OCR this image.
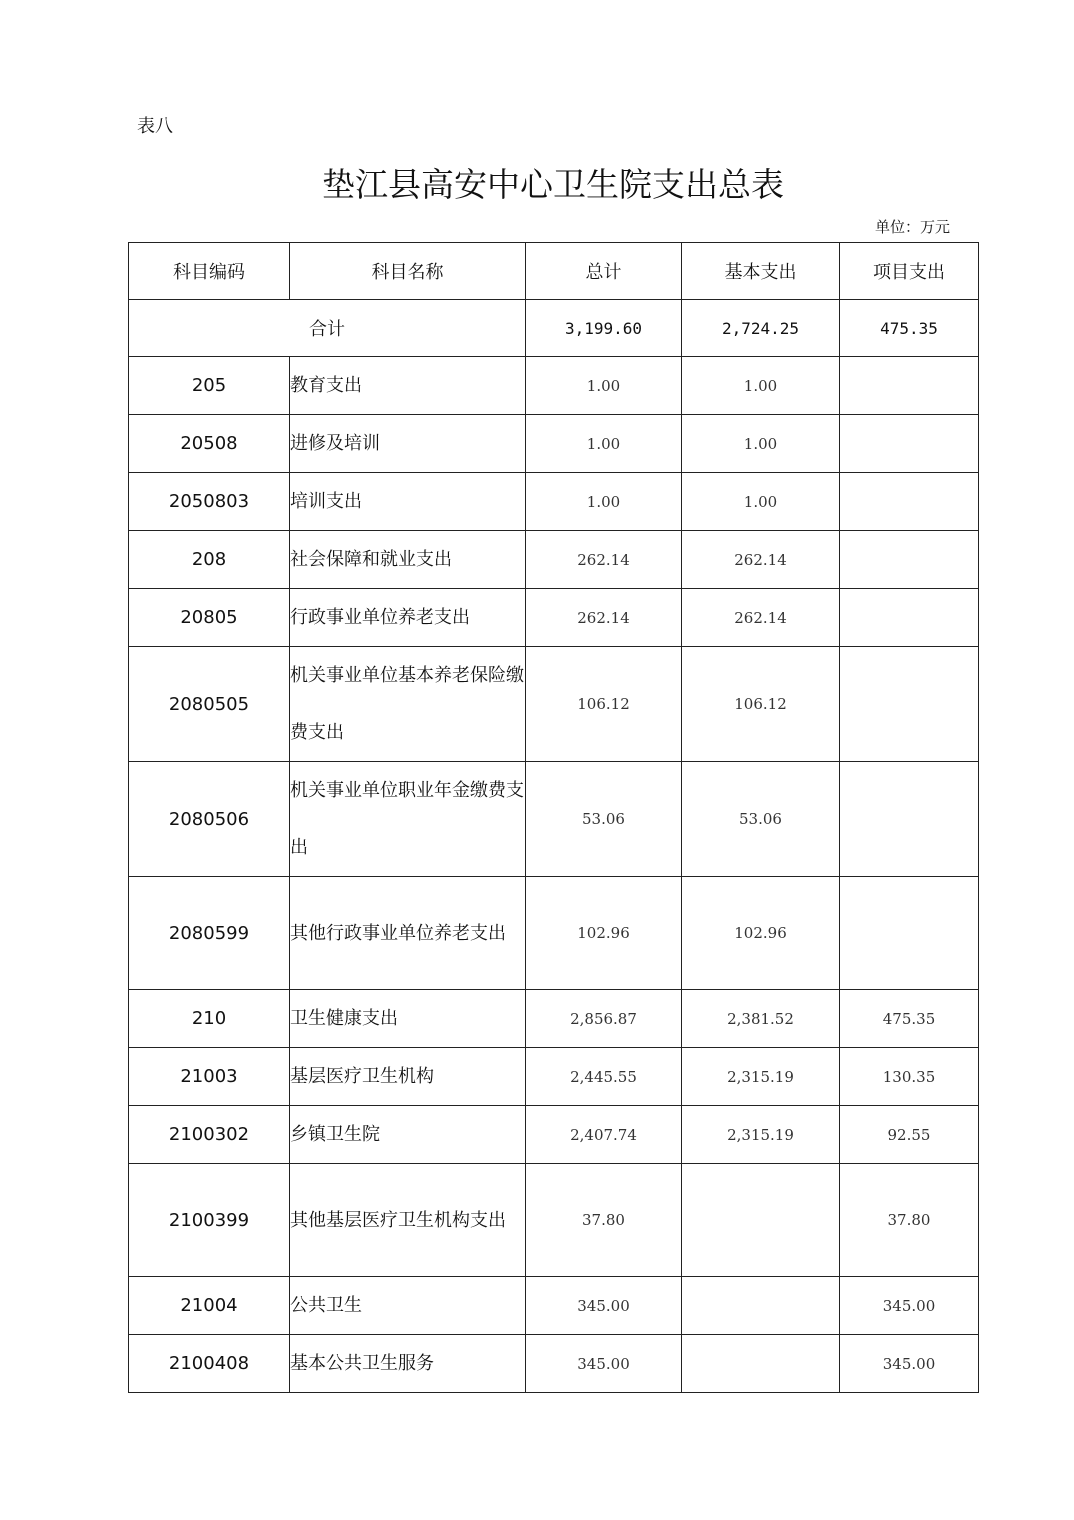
表八
垫江县高安中心卫生院支出总表
单位：万元
科目编码	科目名称	总计	基本支出	项目支出
合计		3,199.60	2,724.25	475.35
205	教育支出	1.00	1.00	
20508	进修及培训	1.00	1.00	
2050803	培训支出	1.00	1.00	
208	社会保障和就业支出	262.14	262.14	
20805	行政事业单位养老支出	262.14	262.14	
2080505	机关事业单位基本养老保险缴费支出	106.12	106.12	
2080506	机关事业单位职业年金缴费支出	53.06	53.06	
2080599	其他行政事业单位养老支出	102.96	102.96	
210	卫生健康支出	2,856.87	2,381.52	475.35
21003	基层医疗卫生机构	2,445.55	2,315.19	130.35
2100302	乡镇卫生院	2,407.74	2,315.19	92.55
2100399	其他基层医疗卫生机构支出	37.80		37.80
21004	公共卫生	345.00		345.00
2100408	基本公共卫生服务	345.00		345.00
